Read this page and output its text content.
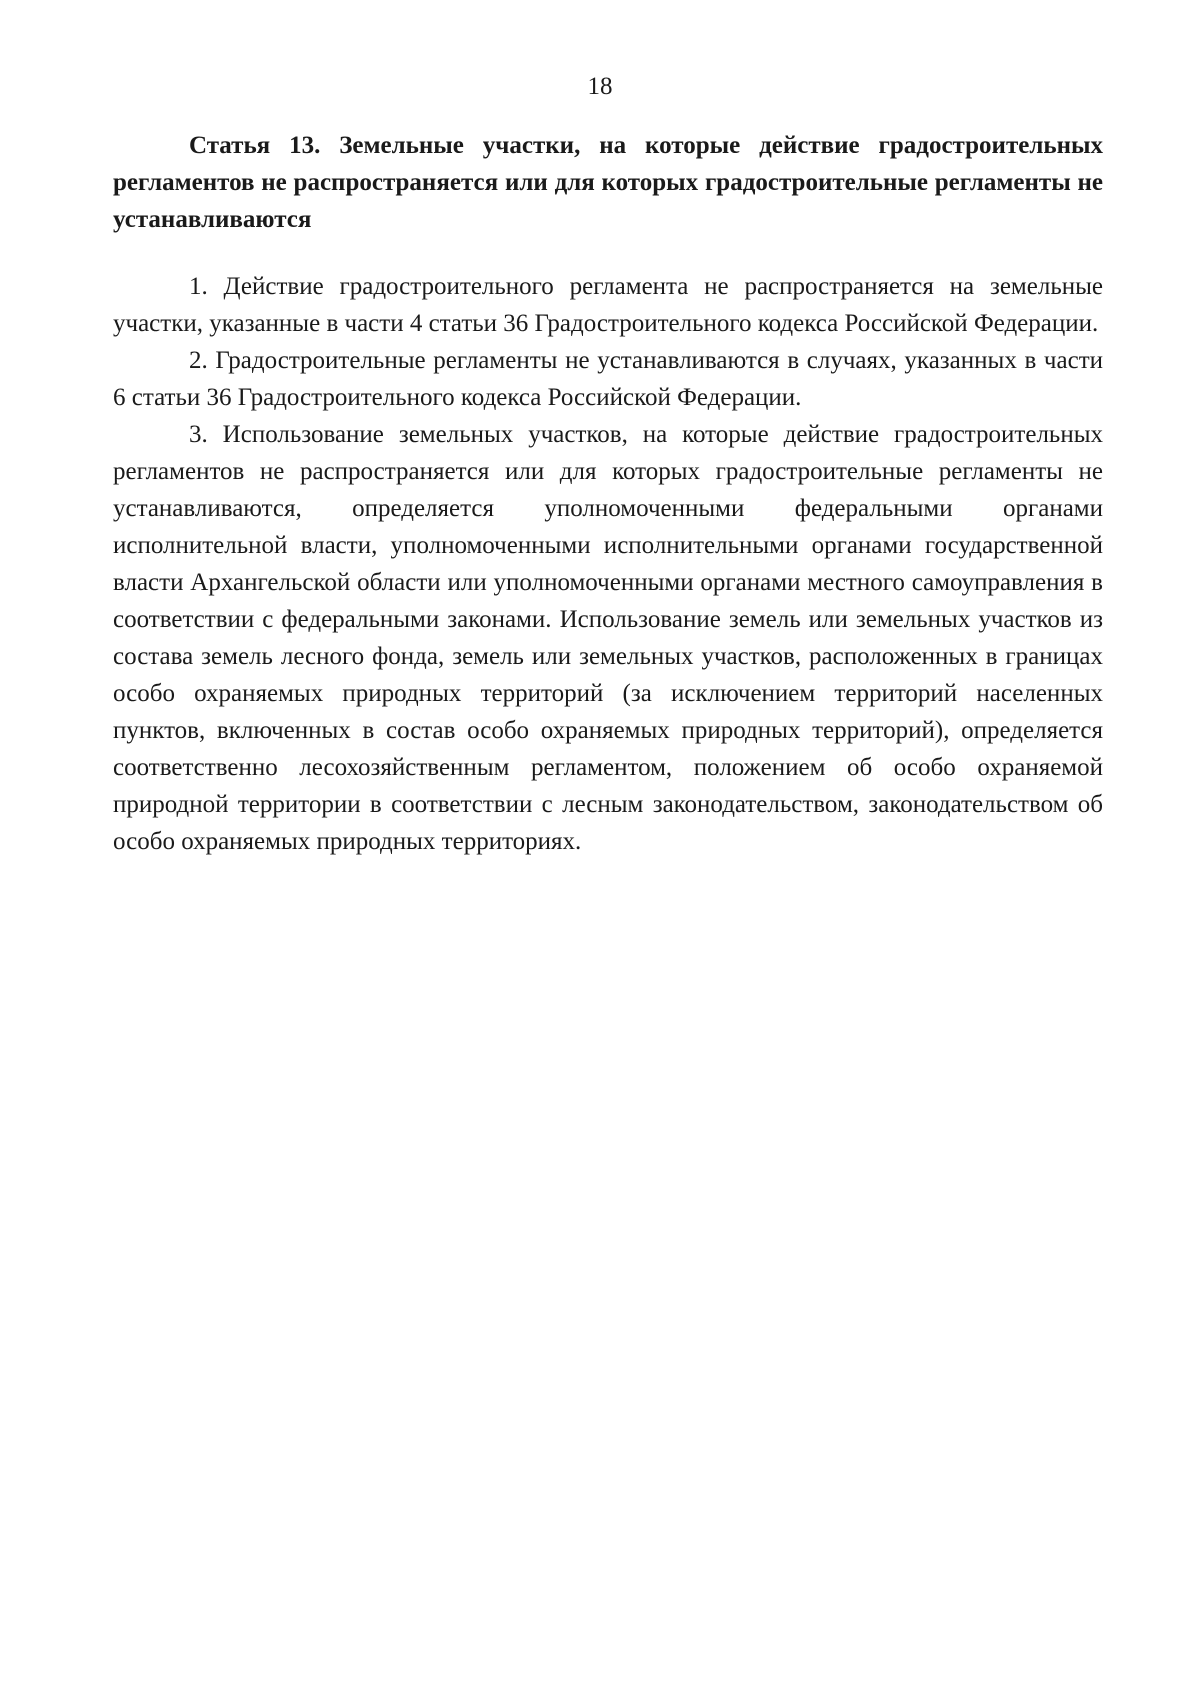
18

Статья 13. Земельные участки, на которые действие градостроительных регламентов не распространяется или для которых градостроительные регламенты не устанавливаются

1. Действие градостроительного регламента не распространяется на земельные участки, указанные в части 4 статьи 36 Градостроительного кодекса Российской Федерации.

2. Градостроительные регламенты не устанавливаются в случаях, указанных в части 6 статьи 36 Градостроительного кодекса Российской Федерации.

3. Использование земельных участков, на которые действие градостроительных регламентов не распространяется или для которых градостроительные регламенты не устанавливаются, определяется уполномоченными федеральными органами исполнительной власти, уполномоченными исполнительными органами государственной власти Архангельской области или уполномоченными органами местного самоуправления в соответствии с федеральными законами. Использование земель или земельных участков из состава земель лесного фонда, земель или земельных участков, расположенных в границах особо охраняемых природных территорий (за исключением территорий населенных пунктов, включенных в состав особо охраняемых природных территорий), определяется соответственно лесохозяйственным регламентом, положением об особо охраняемой природной территории в соответствии с лесным законодательством, законодательством об особо охраняемых природных территориях.
